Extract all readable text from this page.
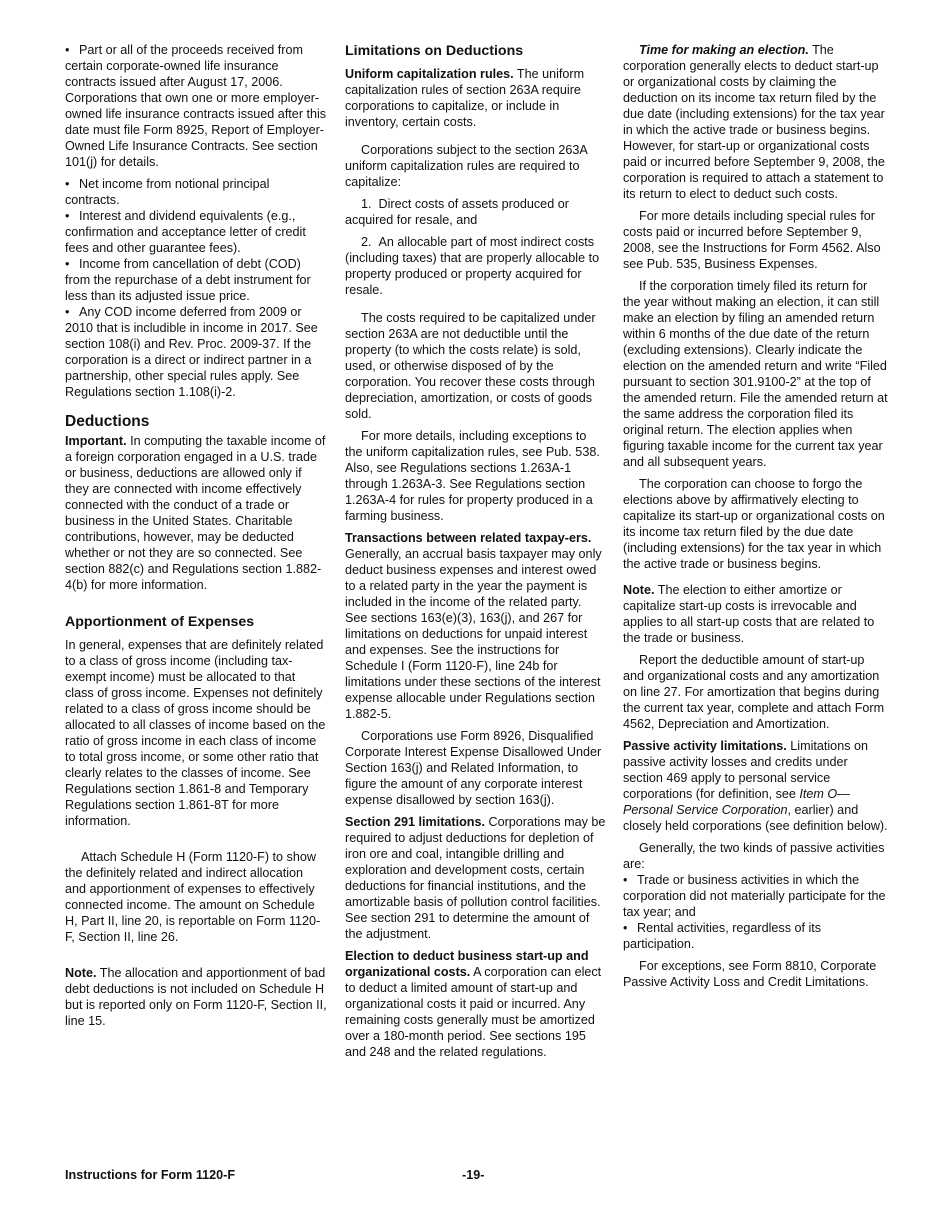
• Part or all of the proceeds received from certain corporate-owned life insurance contracts issued after August 17, 2006. Corporations that own one or more employer-owned life insurance contracts issued after this date must file Form 8925, Report of Employer-Owned Life Insurance Contracts. See section 101(j) for details.

• Net income from notional principal contracts.

• Interest and dividend equivalents (e.g., confirmation and acceptance letter of credit fees and other guarantee fees).

• Income from cancellation of debt (COD) from the repurchase of a debt instrument for less than its adjusted issue price.

• Any COD income deferred from 2009 or 2010 that is includible in income in 2017. See section 108(i) and Rev. Proc. 2009-37. If the corporation is a direct or indirect partner in a partnership, other special rules apply. See Regulations section 1.108(i)-2.

Deductions

Important. In computing the taxable income of a foreign corporation engaged in a U.S. trade or business, deductions are allowed only if they are connected with income effectively connected with the conduct of a trade or business in the United States. Charitable contributions, however, may be deducted whether or not they are so connected. See section 882(c) and Regulations section 1.882-4(b) for more information.

Apportionment of Expenses

In general, expenses that are definitely related to a class of gross income (including tax-exempt income) must be allocated to that class of gross income. Expenses not definitely related to a class of gross income should be allocated to all classes of income based on the ratio of gross income in each class of income to total gross income, or some other ratio that clearly relates to the classes of income. See Regulations section 1.861-8 and Temporary Regulations section 1.861-8T for more information.

Attach Schedule H (Form 1120-F) to show the definitely related and indirect allocation and apportionment of expenses to effectively connected income. The amount on Schedule H, Part II, line 20, is reportable on Form 1120-F, Section II, line 26.

Note. The allocation and apportionment of bad debt deductions is not included on Schedule H but is reported only on Form 1120-F, Section II, line 15.

Limitations on Deductions

Uniform capitalization rules. The uniform capitalization rules of section 263A require corporations to capitalize, or include in inventory, certain costs.

Corporations subject to the section 263A uniform capitalization rules are required to capitalize:

1.  Direct costs of assets produced or acquired for resale, and

2.  An allocable part of most indirect costs (including taxes) that are properly allocable to property produced or property acquired for resale.

The costs required to be capitalized under section 263A are not deductible until the property (to which the costs relate) is sold, used, or otherwise disposed of by the corporation. You recover these costs through depreciation, amortization, or costs of goods sold.

For more details, including exceptions to the uniform capitalization rules, see Pub. 538. Also, see Regulations sections 1.263A-1 through 1.263A-3. See Regulations section 1.263A-4 for rules for property produced in a farming business.

Transactions between related taxpay-ers. Generally, an accrual basis taxpayer may only deduct business expenses and interest owed to a related party in the year the payment is included in the income of the related party. See sections 163(e)(3), 163(j), and 267 for limitations on deductions for unpaid interest and expenses. See the instructions for Schedule I (Form 1120-F), line 24b for limitations under these sections of the interest expense allocable under Regulations section 1.882-5.

Corporations use Form 8926, Disqualified Corporate Interest Expense Disallowed Under Section 163(j) and Related Information, to figure the amount of any corporate interest expense disallowed by section 163(j).

Section 291 limitations. Corporations may be required to adjust deductions for depletion of iron ore and coal, intangible drilling and exploration and development costs, certain deductions for financial institutions, and the amortizable basis of pollution control facilities. See section 291 to determine the amount of the adjustment.

Election to deduct business start-up and organizational costs. A corporation can elect to deduct a limited amount of start-up and organizational costs it paid or incurred. Any remaining costs generally must be amortized over a 180-month period. See sections 195 and 248 and the related regulations.

Time for making an election. The corporation generally elects to deduct start-up or organizational costs by claiming the deduction on its income tax return filed by the due date (including extensions) for the tax year in which the active trade or business begins. However, for start-up or organizational costs paid or incurred before September 9, 2008, the corporation is required to attach a statement to its return to elect to deduct such costs.

For more details including special rules for costs paid or incurred before September 9, 2008, see the Instructions for Form 4562. Also see Pub. 535, Business Expenses.

If the corporation timely filed its return for the year without making an election, it can still make an election by filing an amended return within 6 months of the due date of the return (excluding extensions). Clearly indicate the election on the amended return and write “Filed pursuant to section 301.9100-2” at the top of the amended return. File the amended return at the same address the corporation filed its original return. The election applies when figuring taxable income for the current tax year and all subsequent years.

The corporation can choose to forgo the elections above by affirmatively electing to capitalize its start-up or organizational costs on its income tax return filed by the due date (including extensions) for the tax year in which the active trade or business begins.

Note. The election to either amortize or capitalize start-up costs is irrevocable and applies to all start-up costs that are related to the trade or business.

Report the deductible amount of start-up and organizational costs and any amortization on line 27. For amortization that begins during the current tax year, complete and attach Form 4562, Depreciation and Amortization.

Passive activity limitations. Limitations on passive activity losses and credits under section 469 apply to personal service corporations (for definition, see Item O—Personal Service Corporation, earlier) and closely held corporations (see definition below).

Generally, the two kinds of passive activities are:

• Trade or business activities in which the corporation did not materially participate for the tax year; and

• Rental activities, regardless of its participation.

For exceptions, see Form 8810, Corporate Passive Activity Loss and Credit Limitations.

Instructions for Form 1120-F	-19-
